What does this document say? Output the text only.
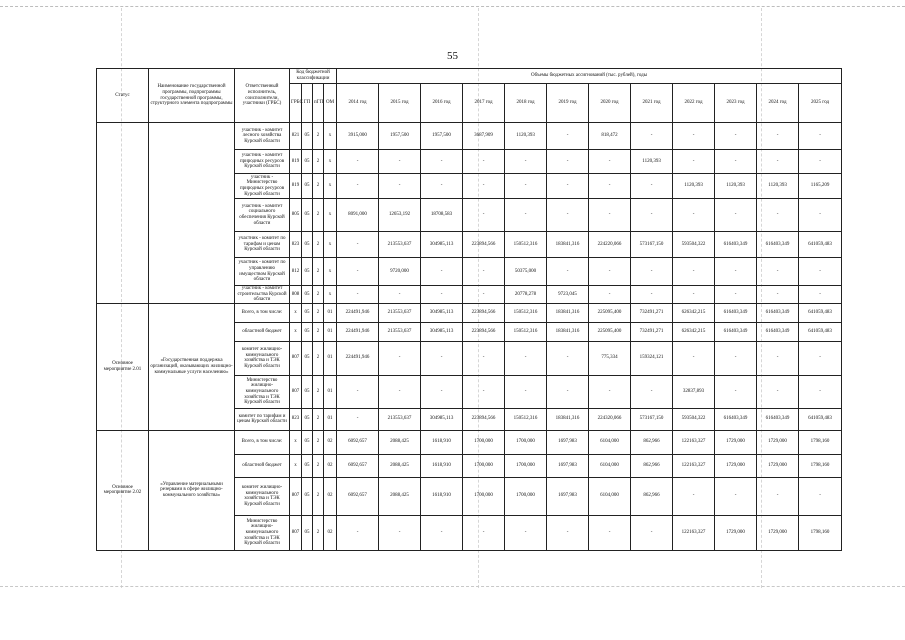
55
Статус	Наименование государственной программы, подпрограммы государственной программы, структурного элемента подпрограммы	Ответственный исполнитель, соисполнители, участники (ГРБС)	Код бюджетной классификации				Объемы бюджетных ассигнований (тыс. рублей), годы											
			ГРБС	ГП	пГП	ОМ	2014 год	2015 год	2016 год	2017 год	2018 год	2019 год	2020 год	2021 год	2022 год	2023 год	2024 год	2025 год
		участник - комитет лесного хозяйства Курской области	821	05	2	х	3915,000	1957,500	1957,500	3687,909	1120,393	-	818,472	-	-	-	-	-
		участник - комитет природных ресурсов Курской области	819	05	2	х	-	-	-	-	-	-	-	1120,393	-	-	-	-
		участник - Министерство природных ресурсов Курской области	819	05	2	х	-	-	-	-	-	-	-	-	1120,393	1120,393	1120,393	1165,209
		участник - комитет социального обеспечения Курской области	805	05	2	х	8091,000	12653,192	18708,583	-	-	-	-	-	-	-	-	-
		участник - комитет по тарифам и ценам Курской области	823	05	2	х	-	213553,637	304985,113	223894,566	150512,316	183841,316	224220,066	573167,150	593504,322	616403,349	616403,349	641059,483
		участник - комитет по управлению имуществом Курской области	812	05	2	х	-	9720,000	-	-	50375,000	-	-	-	-	-	-	-
		участник - комитет строительства Курской области	808	05	2	х	-	-	-	-	20778,278	9723,045	-	-	-	-	-	-
Основное мероприятие 2.01	«Государственная поддержка организаций, оказывающих жилищно-коммунальные услуги населению»	Всего, в том числе:	х	05	2	01	224491,946	213553,637	304985,113	223894,566	150512,316	183841,316	225095,400	732491,271	626342,215	616403,349	616403,349	641059,483
		областной бюджет	х	05	2	01	224491,946	213553,637	304985,113	223894,566	150512,316	183841,316	225095,400	732491,271	626342,215	616403,349	616403,349	641059,483
		комитет жилищно-коммунального хозяйства и ТЭК Курской области	807	05	2	01	224491,946	-	-	-	-	-	775,334	159324,121	-	-	-	-
		Министерство жилищно-коммунального хозяйства и ТЭК Курской области	807	05	2	01	-	-	-	-	-	-	-	-	32837,893	-	-	-
		комитет по тарифам и ценам Курской области	823	05	2	01	-	213553,637	304985,113	223894,566	150512,316	183841,316	224320,066	573167,150	593504,322	616403,349	616403,349	641059,483
Основное мероприятие 2.02	«Управление материальными резервами в сфере жилищно-коммунального хозяйства»	Всего, в том числе:	х	05	2	02	6092,657	2088,425	1618,910	1700,000	1700,000	1697,983	6104,000	862,966	122163,327	1729,000	1729,000	1798,160
		областной бюджет	х	05	2	02	6092,657	2088,425	1618,910	1700,000	1700,000	1697,983	6104,000	862,966	122163,327	1729,000	1729,000	1798,160
		комитет жилищно-коммунального хозяйства и ТЭК Курской области	807	05	2	02	6092,657	2088,425	1618,910	1700,000	1700,000	1697,983	6104,000	862,966	-	-	-	-
		Министерство жилищно-коммунального хозяйства и ТЭК Курской области	807	05	2	02	-	-	-	-	-	-	-	-	122163,327	1729,000	1729,000	1798,160
